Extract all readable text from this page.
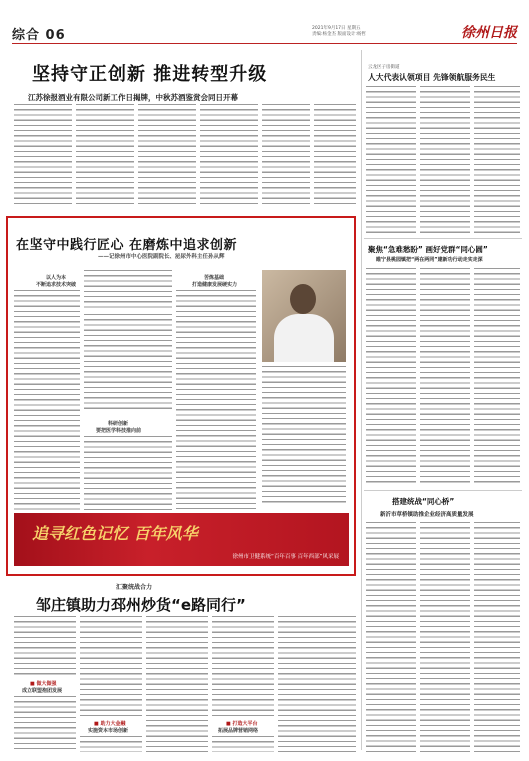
综合 06	2021年9月17日 星期五
责编:杨金杰 版面设计:杨哲	徐州日报
坚持守正创新 推进转型升级
江苏徐报酒业有限公司新工作日揭牌，中秋苏酒鉴赏会同日开幕
云龙区子房街道
人大代表认领项目 先锋领航服务民生
聚焦“急难愁盼” 画好党群“同心圆”
睢宁县桃园镇把“两在两同”建新功行动走实走深
搭建统战“同心桥”
新沂市草桥镇助推企业经济高质量发展
在坚守中践行匠心 在磨炼中追求创新
——记徐州市中心医院副院长、泌尿外科主任孙从辉
以人为本
不断追求技术突破
苦炼基础
打造健康发展硬实力
科研创新
要把医学科技推向前
追寻红色记忆 百年风华
徐州市卫健系统“百年百事 百年西部”风采展
汇聚统战合力
邹庄镇助力邳州炒货“e路同行”
■ 做大做强
成立联盟抱团发展
■ 助力大金融
实施资本市场创新
■ 打造大平台
拓展品牌营销网络
